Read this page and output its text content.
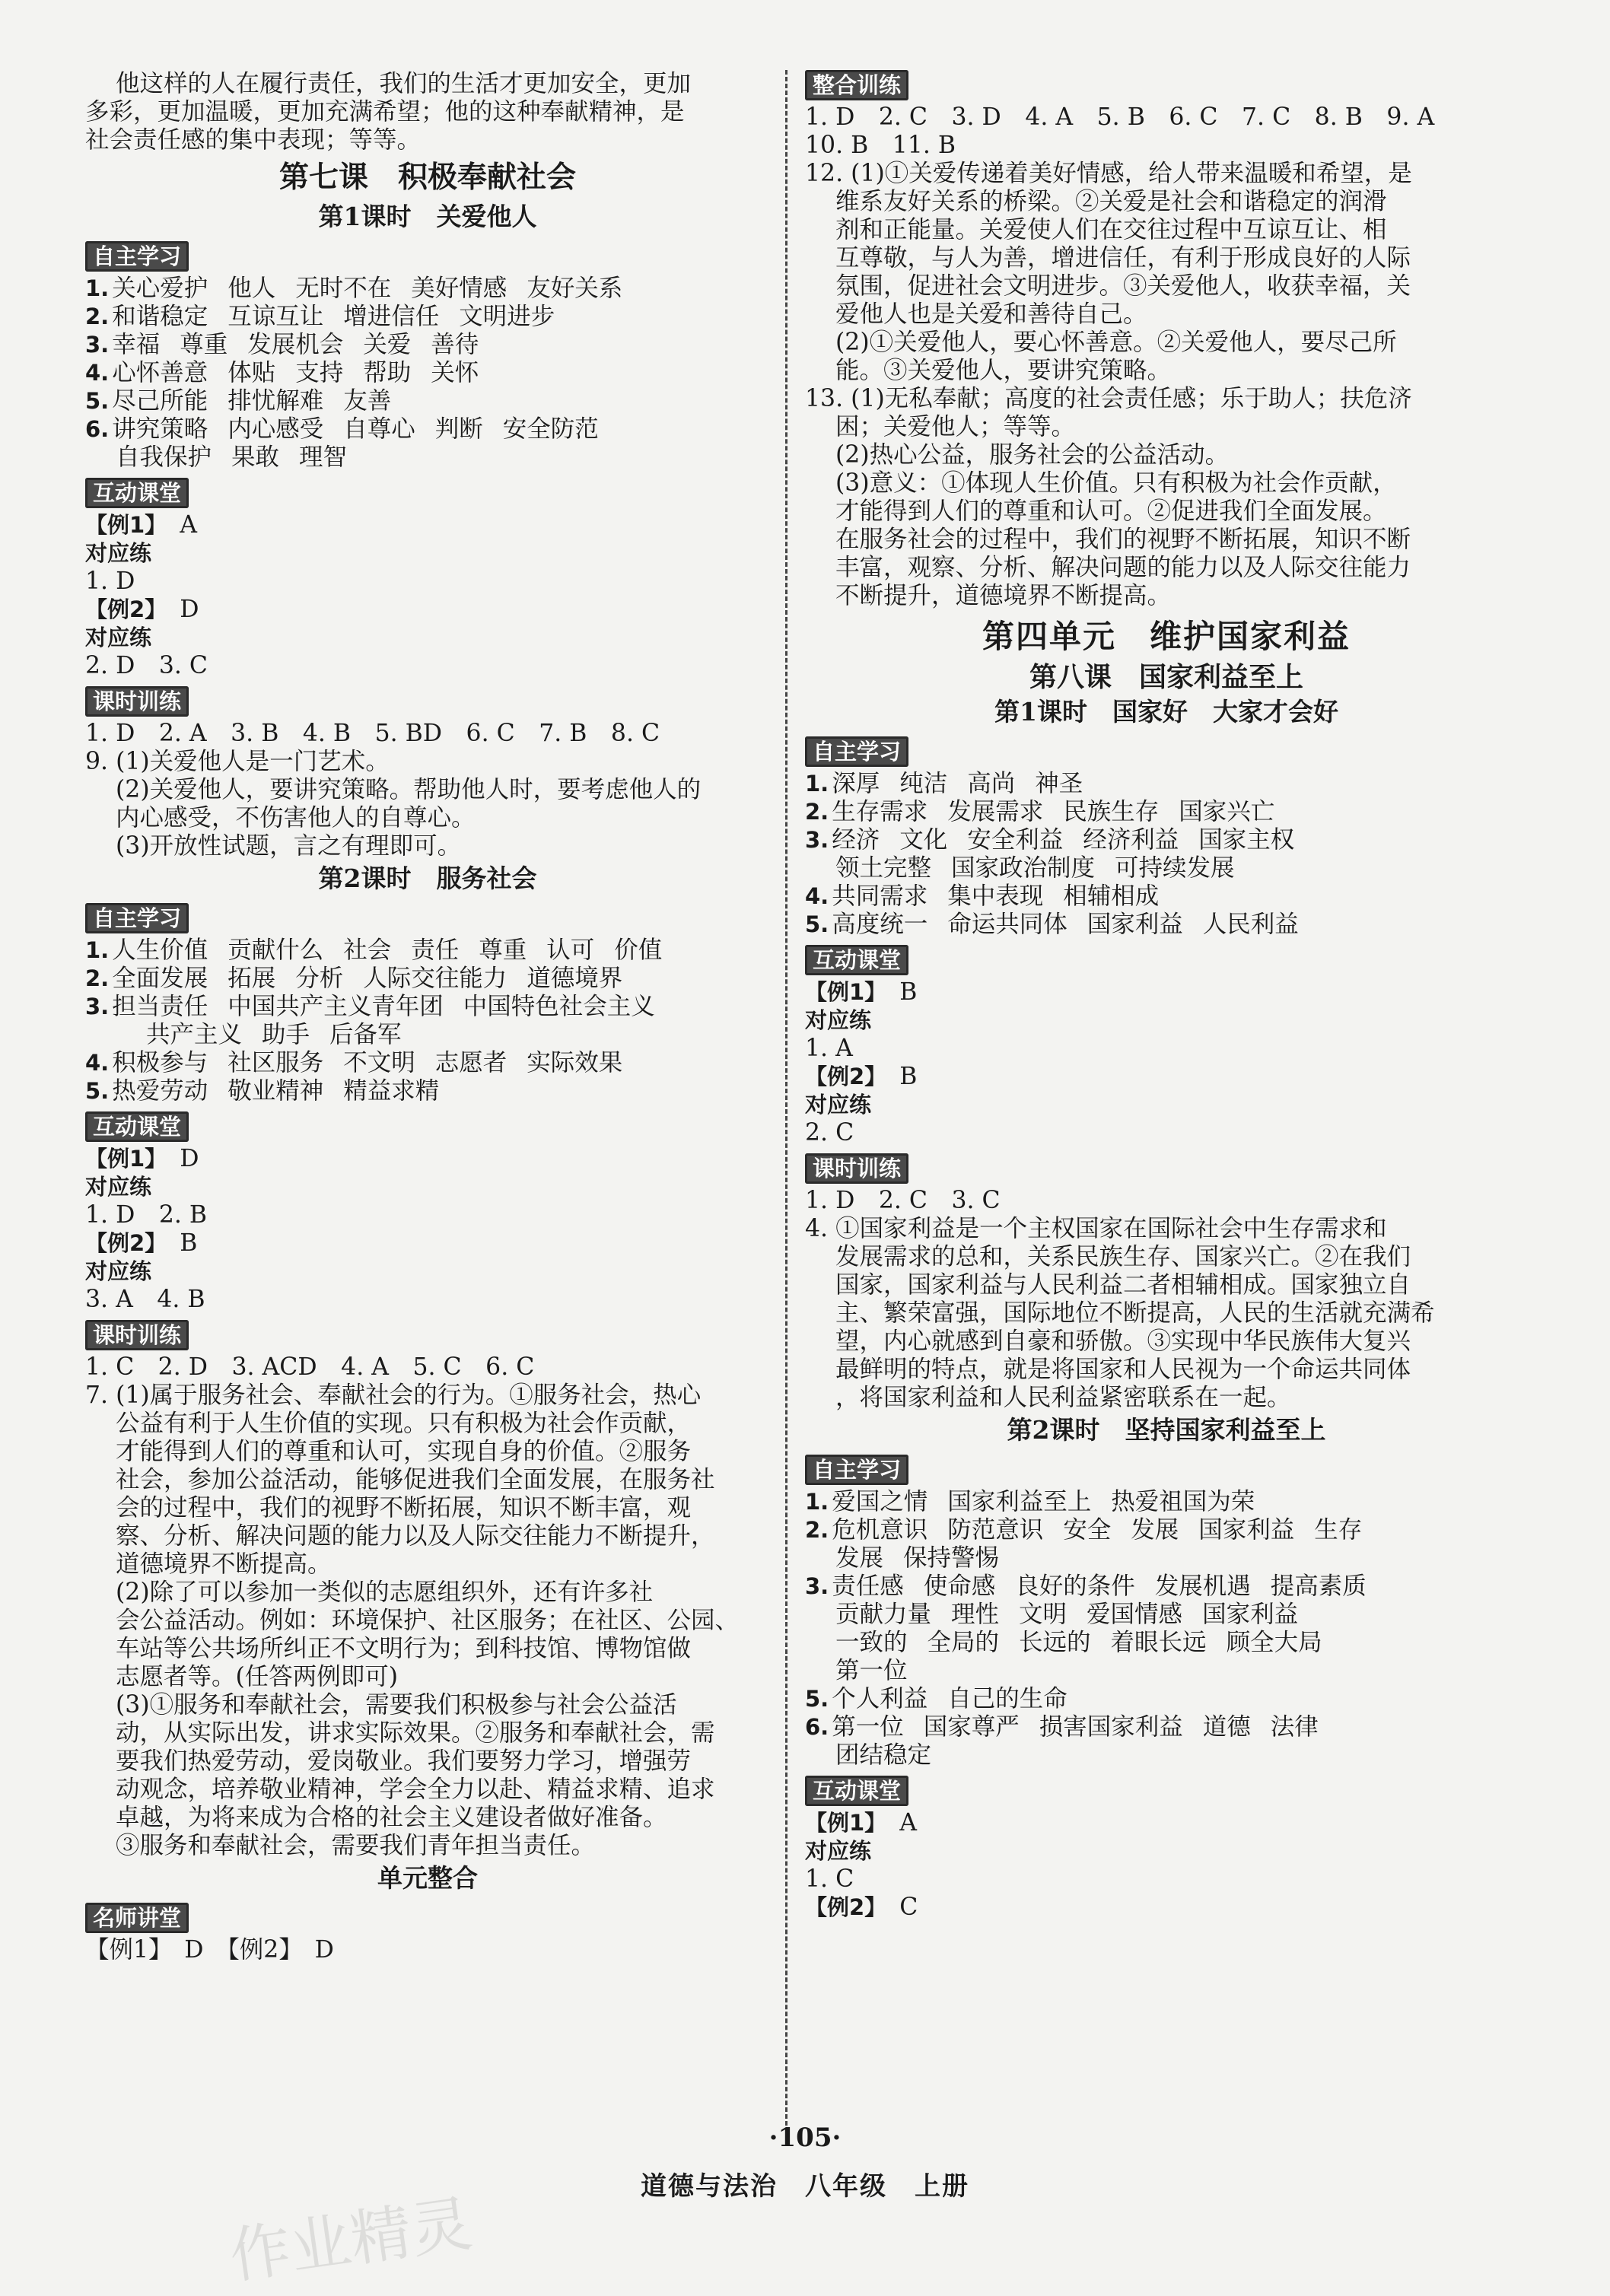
他这样的人在履行责任，我们的生活才更加安全，更加

多彩，更加温暖，更加充满希望；他的这种奉献精神，是

社会责任感的集中表现；等等。

第七课　积极奉献社会
第1课时　关爱他人
自主学习

1. 关心爱护 他人 无时不在 美好情感 友好关系

2. 和谐稳定 互谅互让 增进信任 文明进步

3. 幸福 尊重 发展机会 关爱 善待

4. 心怀善意 体贴 支持 帮助 关怀

5. 尽己所能 排忧解难 友善

6. 讲究策略 内心感受 自尊心 判断 安全防范

自我保护 果敢 理智

互动课堂

【例1】　 A

对应练

1. D

【例2】　 D

对应练

2. D　3. C

课时训练

1. D　2. A　3. B　4. B　5. BD　6. C　7. B　8. C

9. (1)关爱他人是一门艺术。

(2)关爱他人，要讲究策略。帮助他人时，要考虑他人的

内心感受，不伤害他人的自尊心。

(3)开放性试题，言之有理即可。

第2课时　服务社会
自主学习

1. 人生价值 贡献什么 社会 责任 尊重 认可 价值

2. 全面发展 拓展 分析 人际交往能力 道德境界

3. 担当责任 中国共产主义青年团 中国特色社会主义

共产主义 助手 后备军

4. 积极参与 社区服务 不文明 志愿者 实际效果

5. 热爱劳动 敬业精神 精益求精

互动课堂

【例1】　 D

对应练

1. D　2. B

【例2】　 B

对应练

3. A　4. B

课时训练

1. C　2. D　3. ACD　4. A　5. C　6. C

7. (1)属于服务社会、奉献社会的行为。①服务社会，热心

公益有利于人生价值的实现。只有积极为社会作贡献，

才能得到人们的尊重和认可，实现自身的价值。②服务

社会，参加公益活动，能够促进我们全面发展，在服务社

会的过程中，我们的视野不断拓展，知识不断丰富，观

察、分析、解决问题的能力以及人际交往能力不断提升，

道德境界不断提高。

(2)除了可以参加一类似的志愿组织外，还有许多社

会公益活动。例如：环境保护、社区服务；在社区、公园、

车站等公共场所纠正不文明行为；到科技馆、博物馆做

志愿者等。(任答两例即可)

(3)①服务和奉献社会，需要我们积极参与社会公益活

动，从实际出发，讲求实际效果。②服务和奉献社会，需

要我们热爱劳动，爱岗敬业。我们要努力学习，增强劳

动观念，培养敬业精神，学会全力以赴、精益求精、追求

卓越，为将来成为合格的社会主义建设者做好准备。

③服务和奉献社会，需要我们青年担当责任。

单元整合
名师讲堂

【例1】　D　【例2】　D

整合训练

1. D　2. C　3. D　4. A　5. B　6. C　7. C　8. B　9. A

10. B　11. B

12. (1)①关爱传递着美好情感，给人带来温暖和希望，是

维系友好关系的桥梁。②关爱是社会和谐稳定的润滑

剂和正能量。关爱使人们在交往过程中互谅互让、相

互尊敬，与人为善，增进信任，有利于形成良好的人际

氛围，促进社会文明进步。③关爱他人，收获幸福，关

爱他人也是关爱和善待自己。

(2)①关爱他人，要心怀善意。②关爱他人，要尽己所

能。③关爱他人，要讲究策略。

13. (1)无私奉献；高度的社会责任感；乐于助人；扶危济

困；关爱他人；等等。

(2)热心公益，服务社会的公益活动。

(3)意义：①体现人生价值。只有积极为社会作贡献，

才能得到人们的尊重和认可。②促进我们全面发展。

在服务社会的过程中，我们的视野不断拓展，知识不断

丰富，观察、分析、解决问题的能力以及人际交往能力

不断提升，道德境界不断提高。

第四单元　维护国家利益
第八课　国家利益至上
第1课时　国家好　大家才会好
自主学习

1. 深厚 纯洁 高尚 神圣

2. 生存需求 发展需求 民族生存 国家兴亡

3. 经济 文化 安全利益 经济利益 国家主权

领土完整 国家政治制度 可持续发展

4. 共同需求 集中表现 相辅相成

5. 高度统一 命运共同体 国家利益 人民利益

互动课堂

【例1】　 B

对应练

1. A

【例2】　 B

对应练

2. C

课时训练

1. D　2. C　3. C

4. ①国家利益是一个主权国家在国际社会中生存需求和

发展需求的总和，关系民族生存、国家兴亡。②在我们

国家，国家利益与人民利益二者相辅相成。国家独立自

主、繁荣富强，国际地位不断提高，人民的生活就充满希

望，内心就感到自豪和骄傲。③实现中华民族伟大复兴

最鲜明的特点，就是将国家和人民视为一个命运共同体

，将国家利益和人民利益紧密联系在一起。

第2课时　坚持国家利益至上
自主学习

1. 爱国之情 国家利益至上 热爱祖国为荣

2. 危机意识 防范意识 安全 发展 国家利益 生存

发展 保持警惕

3. 责任感 使命感 良好的条件 发展机遇 提高素质

贡献力量 理性 文明 爱国情感 国家利益

一致的 全局的 长远的 着眼长远 顾全大局

第一位

5. 个人利益 自己的生命

6. 第一位 国家尊严 损害国家利益 道德 法律

团结稳定

互动课堂

【例1】　 A

对应练

1. C

【例2】　 C

·105·
道德与法治　八年级　上册
作业精灵
